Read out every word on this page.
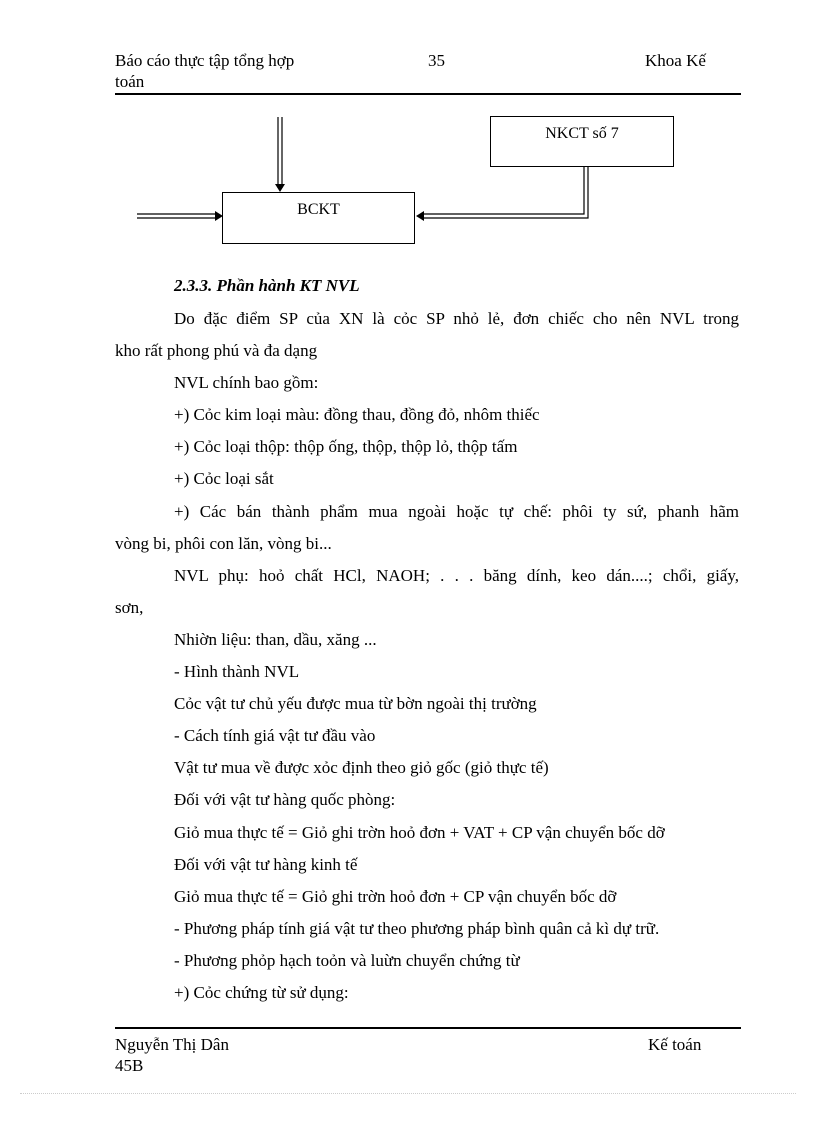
Báo cáo thực tập tổng hợp
toán
35	Khoa Kế
NKCT số 7
BCKT
2.3.3. Phần hành KT NVL
Do đặc điểm SP của XN là cỏc SP nhỏ lẻ, đơn chiếc cho nên NVL trong
kho rất phong phú và đa dạng
NVL chính bao gồm:
+) Cỏc kim loại màu: đồng thau, đồng đỏ, nhôm thiếc
+) Cỏc loại thộp: thộp ống, thộp, thộp lỏ, thộp tấm
+) Cỏc loại sắt
+) Các bán thành phẩm mua ngoài hoặc tự chế: phôi ty sứ, phanh hãm
vòng bi, phôi con lăn, vòng bi...
NVL phụ: hoỏ chất HCl, NAOH; . . . băng dính, keo dán....; chổi, giấy,
sơn,
Nhiờn liệu: than, dầu, xăng ...
- Hình thành NVL
Cỏc vật tư chủ yếu được mua từ bờn ngoài thị trường
- Cách tính giá vật tư đầu vào
Vật tư mua về được xỏc định theo giỏ gốc (giỏ thực tế)
Đối với vật tư hàng quốc phòng:
Giỏ mua thực tế = Giỏ ghi trờn hoỏ đơn + VAT + CP vận chuyển bốc dỡ
Đối với vật tư hàng kinh tế
Giỏ mua thực tế = Giỏ ghi trờn hoỏ đơn + CP vận chuyển bốc dỡ
- Phương pháp tính giá vật tư theo phương pháp bình quân cả kì dự trữ.
- Phương phỏp hạch toỏn và luừn chuyển chứng từ
+) Cỏc chứng từ sử dụng:
Nguyễn Thị Dân
45B
Kế toán
